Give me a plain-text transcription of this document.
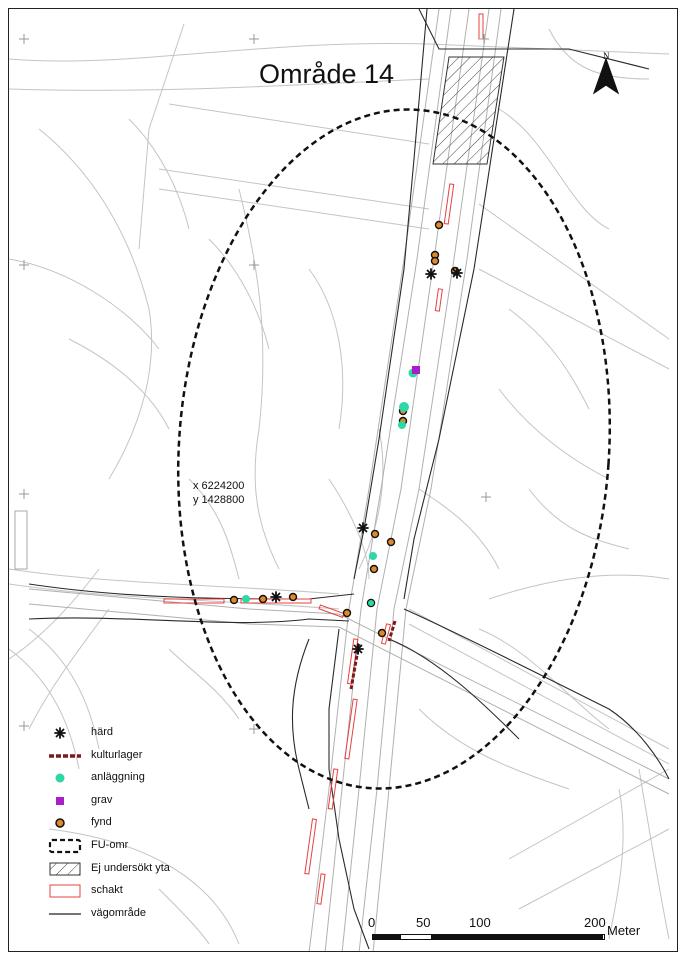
Område 14
N
x 6224200
y 1428800
härd
kulturlager
anläggning
grav
fynd
FU-omr
Ej undersökt yta
schakt
vägområde
0	50	100	200
Meter
